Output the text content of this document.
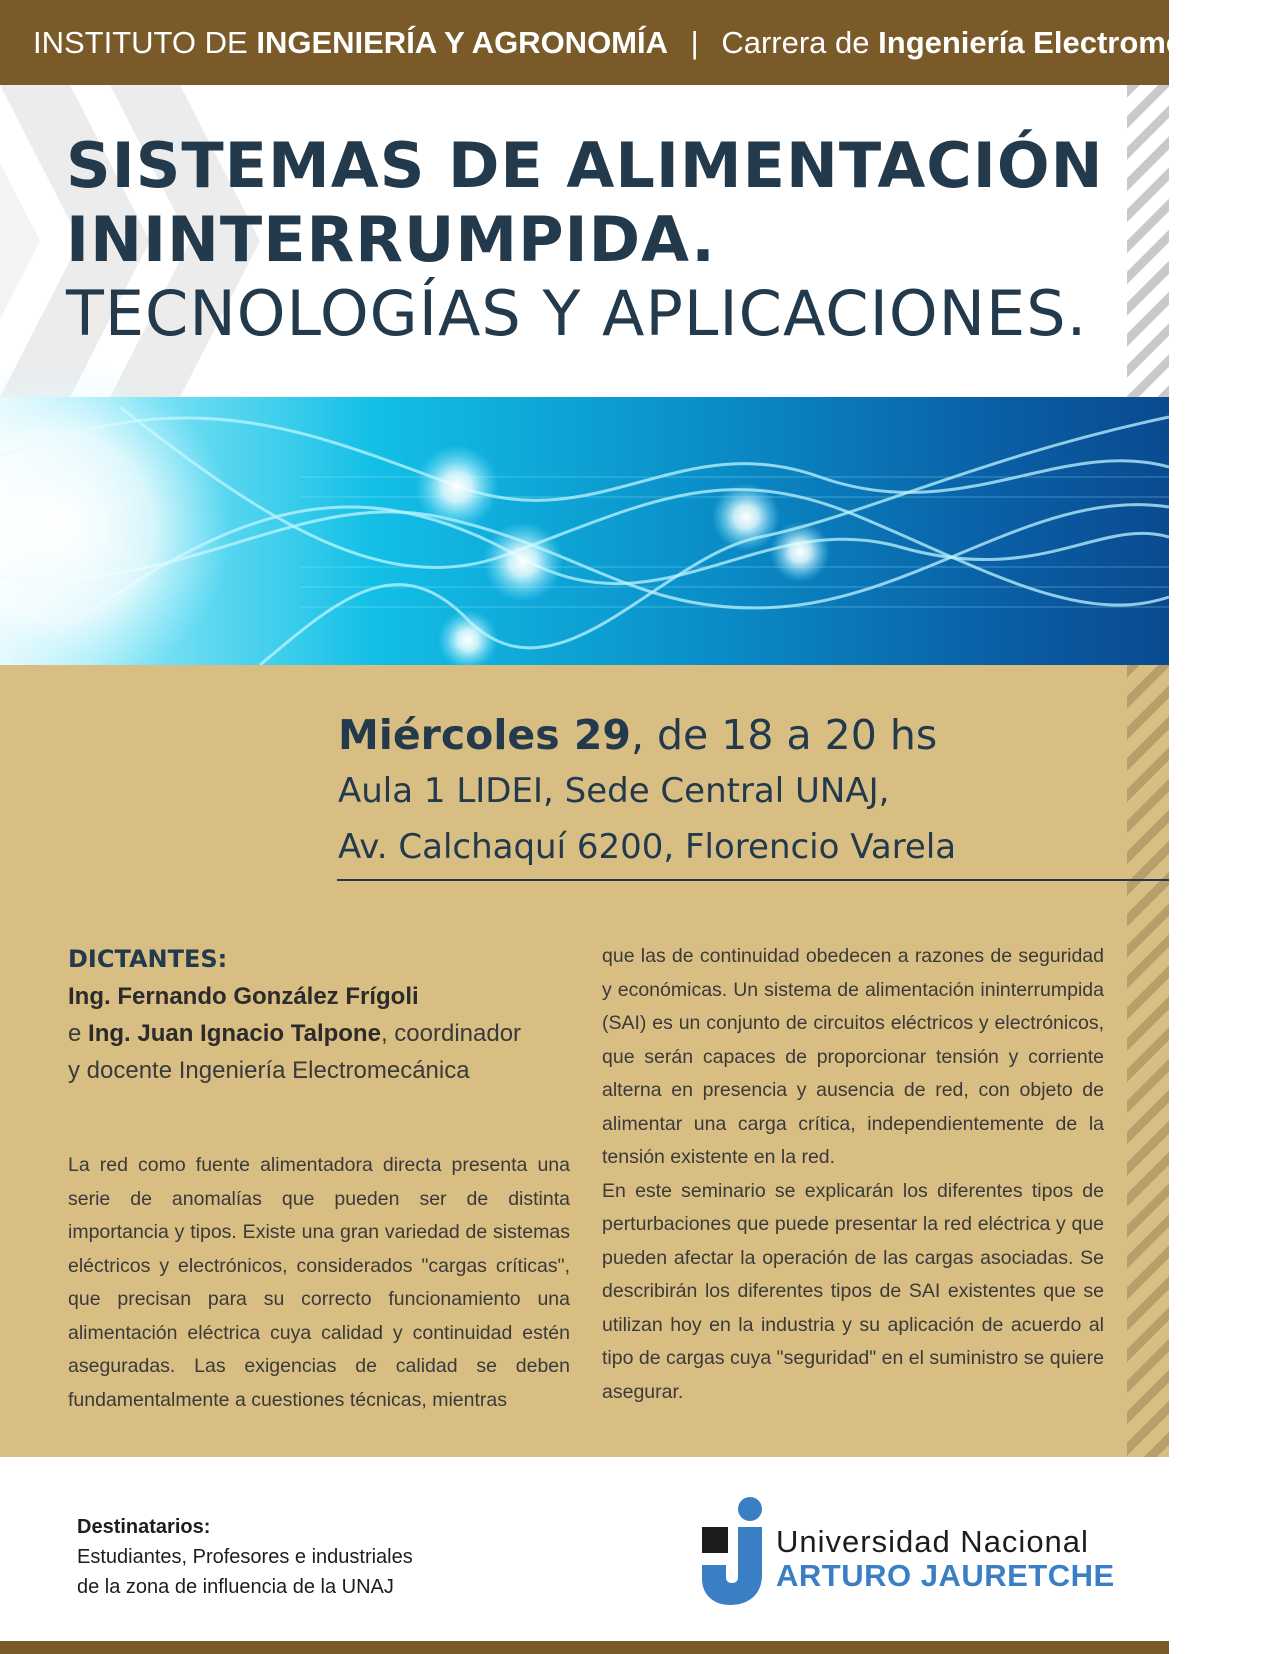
INSTITUTO DE INGENIERÍA Y AGRONOMÍA | Carrera de Ingeniería Electromecánica
SISTEMAS DE ALIMENTACIÓN
ININTERRUMPIDA.
TECNOLOGÍAS Y APLICACIONES.
Miércoles 29, de 18 a 20 hs
Aula 1 LIDEI, Sede Central UNAJ,
Av. Calchaquí 6200, Florencio Varela
DICTANTES:
Ing. Fernando González Frígoli
e Ing. Juan Ignacio Talpone, coordinador
y docente Ingeniería Electromecánica

La red como fuente alimentadora directa presenta una serie de anomalías que pueden ser de distinta importancia y tipos. Existe una gran variedad de sistemas eléctricos y electrónicos, considerados "cargas críticas", que precisan para su correcto funcionamiento una alimentación eléctrica cuya calidad y continuidad estén aseguradas. Las exigencias de calidad se deben fundamentalmente a cuestiones técnicas, mientras

que las de continuidad obedecen a razones de seguridad y económicas. Un sistema de alimentación ininterrumpida (SAI) es un conjunto de circuitos eléctricos y electrónicos, que serán capaces de proporcionar tensión y corriente alterna en presencia y ausencia de red, con objeto de alimentar una carga crítica, independientemente de la tensión existente en la red.

En este seminario se explicarán los diferentes tipos de perturbaciones que puede presentar la red eléctrica y que pueden afectar la operación de las cargas asociadas. Se describirán los diferentes tipos de SAI existentes que se utilizan hoy en la industria y su aplicación de acuerdo al tipo de cargas cuya "seguridad" en el suministro se quiere asegurar.

Destinatarios:
Estudiantes, Profesores e industriales
de la zona de influencia de la UNAJ
Universidad Nacional
ARTURO JAURETCHE
